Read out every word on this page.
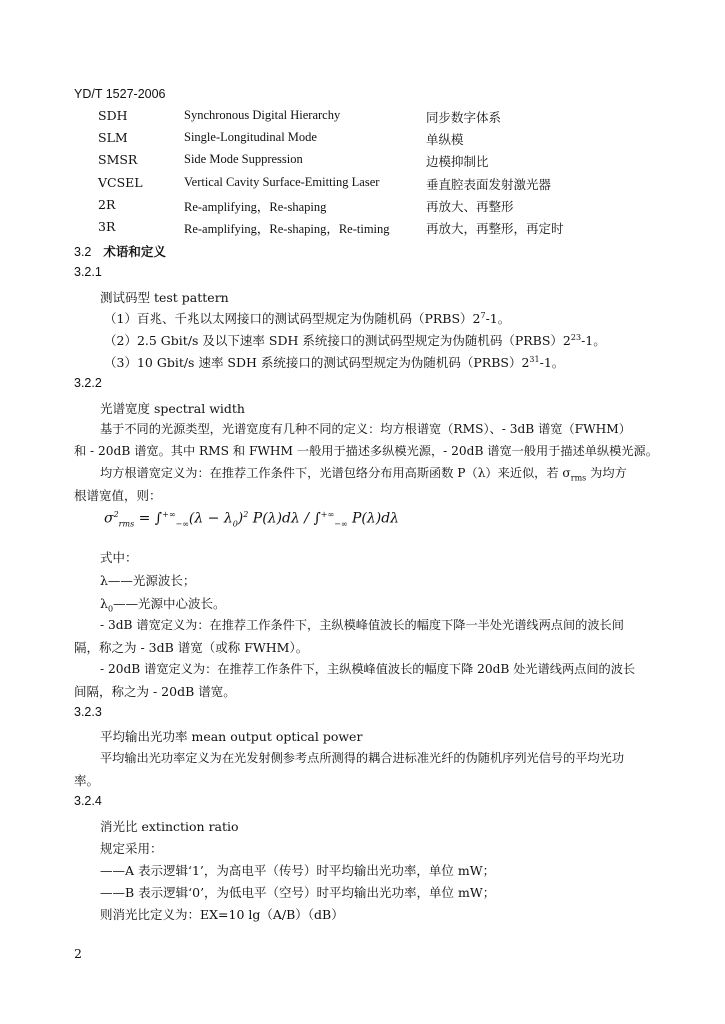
YD/T 1527-2006
SDH	Synchronous Digital Hierarchy	同步数字体系
SLM	Single-Longitudinal Mode	单纵模
SMSR	Side Mode Suppression	边模抑制比
VCSEL	Vertical Cavity Surface-Emitting Laser	垂直腔表面发射激光器
2R	Re-amplifying，Re-shaping	再放大、再整形
3R	Re-amplifying，Re-shaping，Re-timing	再放大，再整形，再定时
3.2 术语和定义
3.2.1
测试码型 test pattern
（1）百兆、千兆以太网接口的测试码型规定为伪随机码$(PRBS)2^7-1$。
（2）2.5 Gbit/s 及以下速率 SDH 系统接口的测试码型规定为伪随机码$(PRBS)2^{23}-1$。
（3）10 Gbit/s 速率 SDH 系统接口的测试码型规定为伪随机码$(PRBS)2^{31}-1$。
3.2.2
光谱宽度 spectral width
基于不同的光源类型，光谱宽度有几种不同的定义：均方根谱宽（RMS）、- 3dB 谱宽（FWHM）
和 - 20dB 谱宽。其中 RMS 和 FWHM 一般用于描述多纵模光源，- 20dB 谱宽一般用于描述单纵模光源。
均方根谱宽定义为：在推荐工作条件下，光谱包络分布用高斯函数 P（λ）来近似，若 $\sigma_{rms}$ 为均方
根谱宽值，则：
$\sigma^2_{rms} = \int^{+\infty}_{-\infty}(\lambda - \lambda_0)^2$ $P(\lambda)d\lambda / \int^{+\infty}_{-\infty}$ P(λ)dλ
式中：
λ——光源波长；
$\lambda_0——$光源中心波长。
- 3dB 谱宽定义为：在推荐工作条件下，主纵模峰值波长的幅度下降一半处光谱线两点间的波长间
隔，称之为 - 3dB 谱宽（或称 FWHM）。
- 20dB 谱宽定义为：在推荐工作条件下，主纵模峰值波长的幅度下降 20dB 处光谱线两点间的波长
间隔，称之为 - 20dB 谱宽。
3.2.3
平均输出光功率 mean output optical power
平均输出光功率定义为在光发射侧参考点所测得的耦合进标准光纤的伪随机序列光信号的平均光功
率。
3.2.4
消光比 extinction ratio
规定采用：
——A 表示逻辑‘1’，为高电平（传号）时平均输出光功率，单位 mW；
——B 表示逻辑‘0’，为低电平（空号）时平均输出光功率，单位 mW；
则消光比定义为：EX=10 lg（A/B）（dB）
2
